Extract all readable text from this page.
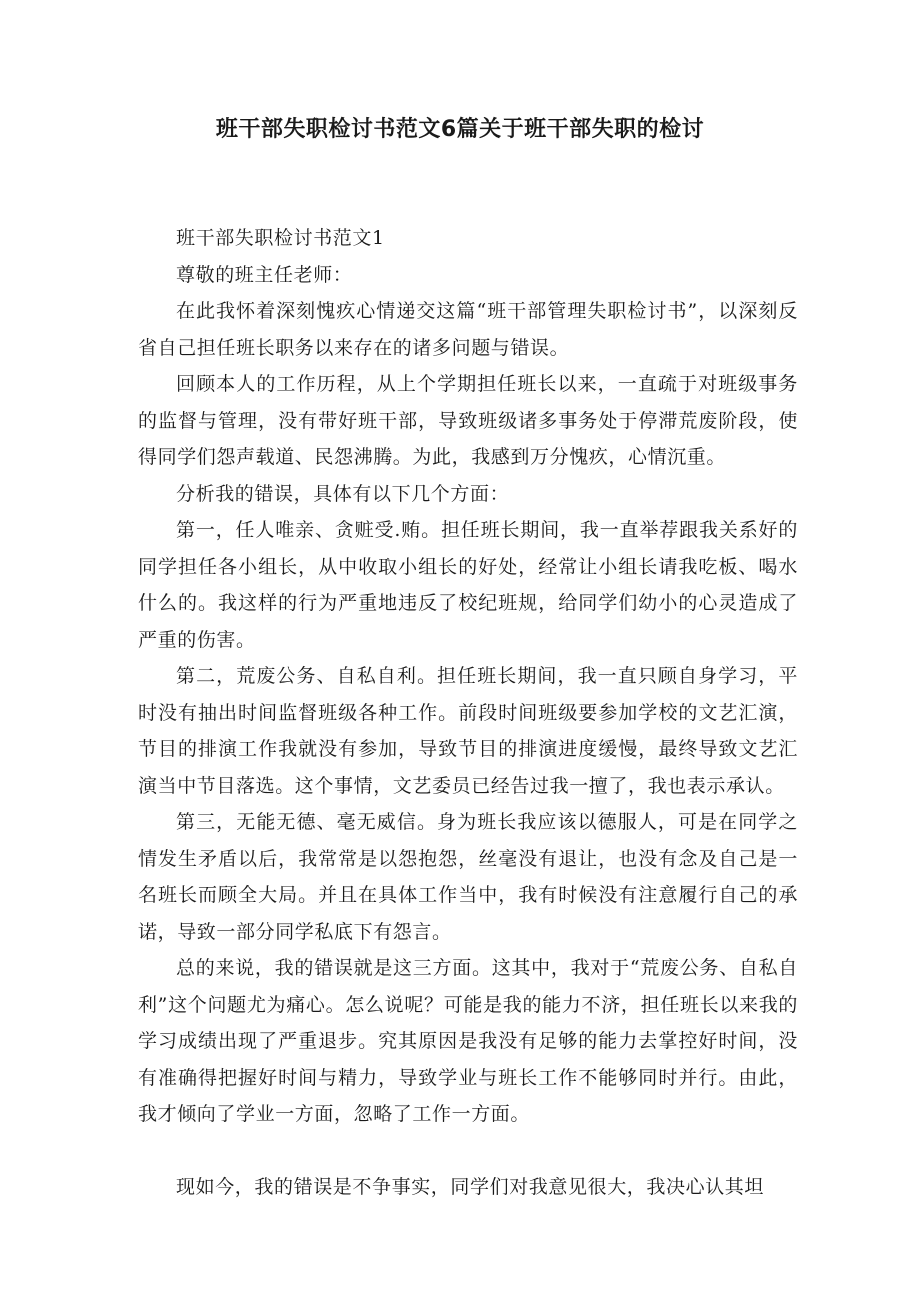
班干部失职检讨书范文6篇关于班干部失职的检讨

班干部失职检讨书范文1

尊敬的班主任老师：

在此我怀着深刻愧疚心情递交这篇“班干部管理失职检讨书”，以深刻反省自己担任班长职务以来存在的诸多问题与错误。

回顾本人的工作历程，从上个学期担任班长以来，一直疏于对班级事务的监督与管理，没有带好班干部，导致班级诸多事务处于停滞荒废阶段，使得同学们怨声载道、民怨沸腾。为此，我感到万分愧疚，心情沉重。

分析我的错误，具体有以下几个方面：

第一，任人唯亲、贪赃受.贿。担任班长期间，我一直举荐跟我关系好的同学担任各小组长，从中收取小组长的好处，经常让小组长请我吃板、喝水什么的。我这样的行为严重地违反了校纪班规，给同学们幼小的心灵造成了严重的伤害。

第二，荒废公务、自私自利。担任班长期间，我一直只顾自身学习，平时没有抽出时间监督班级各种工作。前段时间班级要参加学校的文艺汇演，节目的排演工作我就没有参加，导致节目的排演进度缓慢，最终导致文艺汇演当中节目落选。这个事情，文艺委员已经告过我一擅了，我也表示承认。

第三，无能无德、毫无威信。身为班长我应该以德服人，可是在同学之情发生矛盾以后，我常常是以怨抱怨，丝毫没有退让，也没有念及自己是一名班长而顾全大局。并且在具体工作当中，我有时候没有注意履行自己的承诺，导致一部分同学私底下有怨言。

总的来说，我的错误就是这三方面。这其中，我对于“荒废公务、自私自利”这个问题尤为痛心。怎么说呢？可能是我的能力不济，担任班长以来我的学习成绩出现了严重退步。究其原因是我没有足够的能力去掌控好时间，没有准确得把握好时间与精力，导致学业与班长工作不能够同时并行。由此，我才倾向了学业一方面，忽略了工作一方面。

现如今，我的错误是不争事实，同学们对我意见很大，我决心认其坦
